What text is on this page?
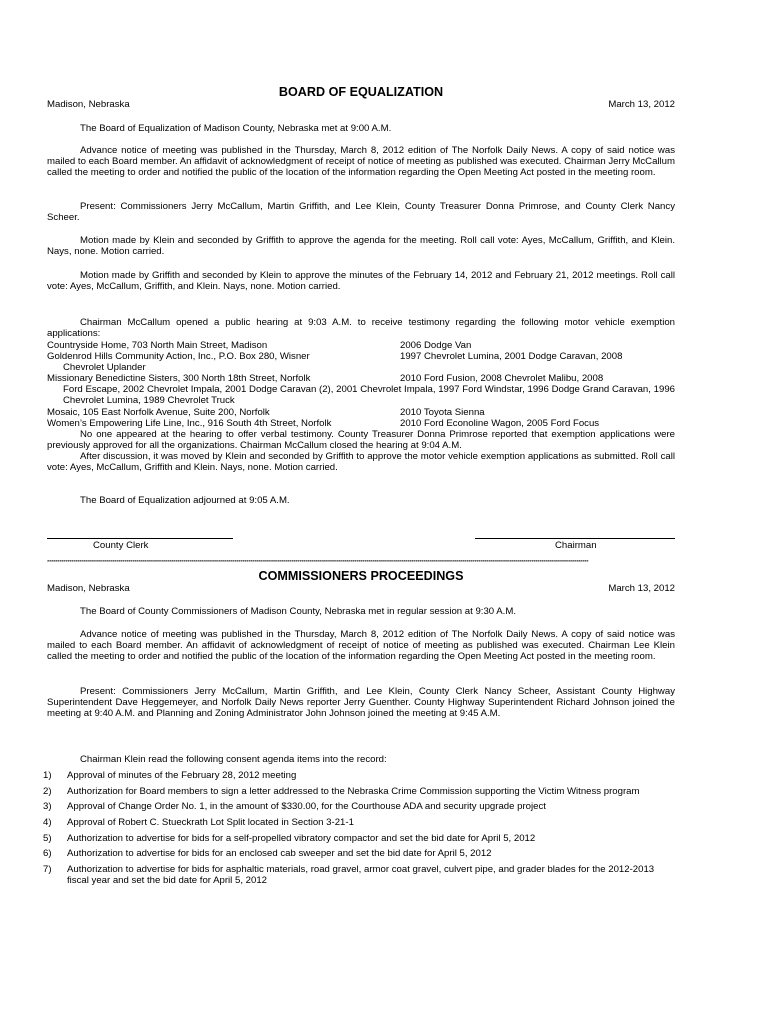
BOARD OF EQUALIZATION
Madison, Nebraska	March 13, 2012

The Board of Equalization of Madison County, Nebraska met at 9:00 A.M.

Advance notice of meeting was published in the Thursday, March 8, 2012 edition of The Norfolk Daily News. A copy of said notice was mailed to each Board member. An affidavit of acknowledgment of receipt of notice of meeting as published was executed. Chairman Jerry McCallum called the meeting to order and notified the public of the location of the information regarding the Open Meeting Act posted in the meeting room.

Present: Commissioners Jerry McCallum, Martin Griffith, and Lee Klein, County Treasurer Donna Primrose, and County Clerk Nancy Scheer.

Motion made by Klein and seconded by Griffith to approve the agenda for the meeting. Roll call vote: Ayes, McCallum, Griffith, and Klein. Nays, none. Motion carried.

Motion made by Griffith and seconded by Klein to approve the minutes of the February 14, 2012 and February 21, 2012 meetings. Roll call vote: Ayes, McCallum, Griffith, and Klein. Nays, none. Motion carried.

Chairman McCallum opened a public hearing at 9:03 A.M. to receive testimony regarding the following motor vehicle exemption applications:

Countryside Home, 703 North Main Street, Madison	2006 Dodge Van
Goldenrod Hills Community Action, Inc., P.O. Box 280, Wisner	1997 Chevrolet Lumina, 2001 Dodge Caravan, 2008
Chevrolet Uplander
Missionary Benedictine Sisters, 300 North 18th Street, Norfolk	2010 Ford Fusion, 2008 Chevrolet Malibu, 2008

Ford Escape, 2002 Chevrolet Impala, 2001 Dodge Caravan (2), 2001 Chevrolet Impala, 1997 Ford Windstar, 1996 Dodge Grand Caravan, 1996 Chevrolet Lumina, 1989 Chevrolet Truck

Mosaic, 105 East Norfolk Avenue, Suite 200, Norfolk	2010 Toyota Sienna
Women’s Empowering Life Line, Inc., 916 South 4th Street, Norfolk	2010 Ford Econoline Wagon, 2005 Ford Focus

No one appeared at the hearing to offer verbal testimony. County Treasurer Donna Primrose reported that exemption applications were previously approved for all the organizations. Chairman McCallum closed the hearing at 9:04 A.M.

After discussion, it was moved by Klein and seconded by Griffith to approve the motor vehicle exemption applications as submitted. Roll call vote: Ayes, McCallum, Griffith and Klein. Nays, none. Motion carried.

The Board of Equalization adjourned at 9:05 A.M.

County Clerk	Chairman
**************************************************************************************************************************************************************************************************************************************************************************
COMMISSIONERS PROCEEDINGS
Madison, Nebraska	March 13, 2012

The Board of County Commissioners of Madison County, Nebraska met in regular session at 9:30 A.M.

Advance notice of meeting was published in the Thursday, March 8, 2012 edition of The Norfolk Daily News. A copy of said notice was mailed to each Board member. An affidavit of acknowledgment of receipt of notice of meeting as published was executed. Chairman Lee Klein called the meeting to order and notified the public of the location of the information regarding the Open Meeting Act posted in the meeting room.

Present: Commissioners Jerry McCallum, Martin Griffith, and Lee Klein, County Clerk Nancy Scheer, Assistant County Highway Superintendent Dave Heggemeyer, and Norfolk Daily News reporter Jerry Guenther. County Highway Superintendent Richard Johnson joined the meeting at 9:40 A.M. and Planning and Zoning Administrator John Johnson joined the meeting at 9:45 A.M.

Chairman Klein read the following consent agenda items into the record:

1) Approval of minutes of the February 28, 2012 meeting
2) Authorization for Board members to sign a letter addressed to the Nebraska Crime Commission supporting the Victim Witness program
3) Approval of Change Order No. 1, in the amount of $330.00, for the Courthouse ADA and security upgrade project
4) Approval of Robert C. Stueckrath Lot Split located in Section 3-21-1
5) Authorization to advertise for bids for a self-propelled vibratory compactor and set the bid date for April 5, 2012
6) Authorization to advertise for bids for an enclosed cab sweeper and set the bid date for April 5, 2012
7) Authorization to advertise for bids for asphaltic materials, road gravel, armor coat gravel, culvert pipe, and grader blades for the 2012-2013 fiscal year and set the bid date for April 5, 2012
